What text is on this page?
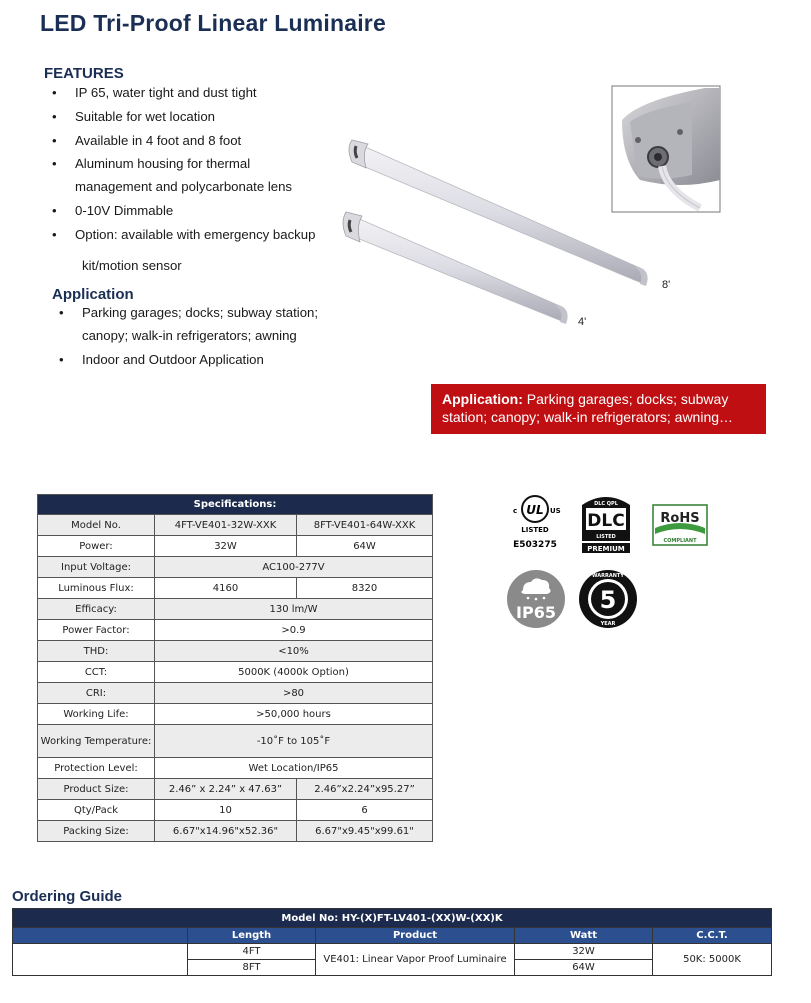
LED Tri-Proof Linear Luminaire
FEATURES
• IP 65, water tight and dust tight
• Suitable for wet location
• Available in 4 foot and 8 foot
• Aluminum housing for thermal
management and polycarbonate lens
• 0-10V Dimmable
• Option: available with emergency backup
kit/motion sensor
Application
• Parking garages; docks; subway station;
canopy; walk-in refrigerators; awning
• Indoor and Outdoor Application
8'
4'
Application: Parking garages; docks; subway
station; canopy; walk-in refrigerators; awning…
Specifications:		
Model No.	4FT-VE401-32W-XXK	8FT-VE401-64W-XXK
Power:	32W	64W
Input Voltage:	AC100-277V	
Luminous Flux:	4160	8320
Efficacy:	130 lm/W	
Power Factor:	>0.9	
THD:	<10%	
CCT:	5000K (4000k Option)	
CRI:	>80	
Working Life:	>50,000 hours	
Working Temperature:	-10˚F to 105˚F	
Protection Level:	Wet Location/IP65	
Product Size:	2.46” x 2.24” x 47.63”	2.46”x2.24”x95.27”
Qty/Pack	10	6
Packing Size:	6.67"x14.96"x52.36"	6.67"x9.45"x99.61"
c UL US
LISTED
E503275
DLC QPL
DLC
LISTED
PREMIUM
RoHS
COMPLIANT
IP65 5
WARRANTY
YEAR
Ordering Guide
Model No: HY-(X)FT-LV401-(XX)W-(XX)K				
	Length	Product	Watt	C.C.T.
	4FT	VE401: Linear Vapor Proof Luminaire	32W	50K: 5000K
	8FT		64W	
